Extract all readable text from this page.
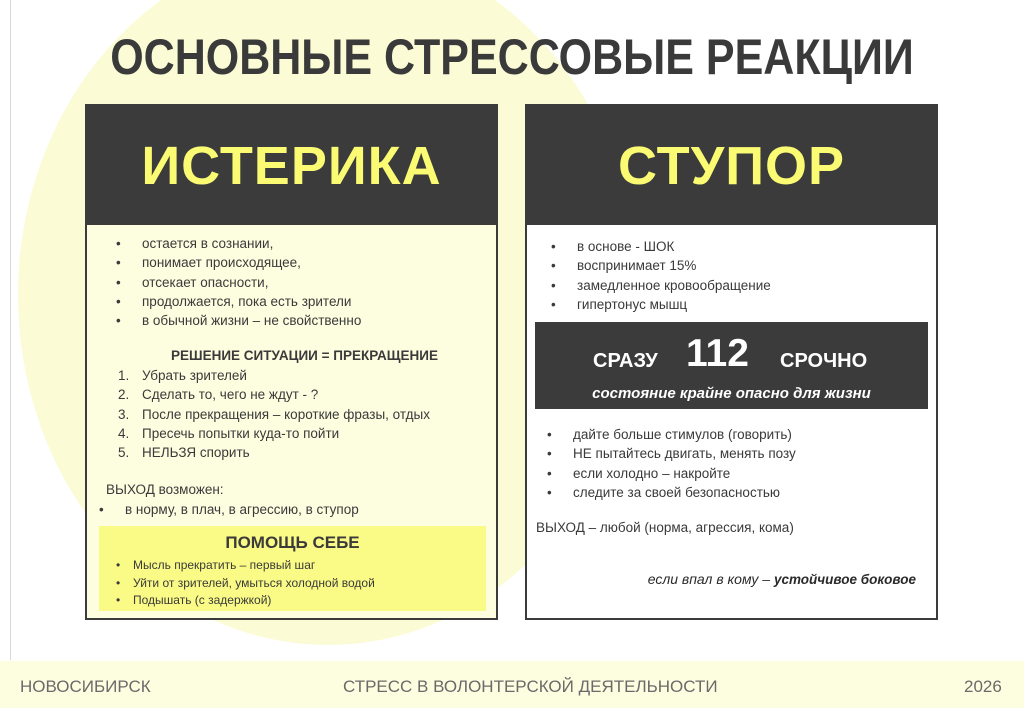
ОСНОВНЫЕ СТРЕССОВЫЕ РЕАКЦИИ
ИСТЕРИКА
• остается в сознании,
• понимает происходящее,
• отсекает опасности,
• продолжается, пока есть зрители
• в обычной жизни – не свойственно
РЕШЕНИЕ СИТУАЦИИ = ПРЕКРАЩЕНИЕ
1. Убрать зрителей
2. Сделать то, чего не ждут - ?
3. После прекращения – короткие фразы, отдых
4. Пресечь попытки куда-то пойти
5. НЕЛЬЗЯ спорить
ВЫХОД возможен:
• в норму, в плач, в агрессию, в ступор
ПОМОЩЬ СЕБЕ
• Мысль прекратить – первый шаг
• Уйти от зрителей, умыться холодной водой
• Подышать (с задержкой)
СТУПОР
• в основе - ШОК
• воспринимает 15%
• замедленное кровообращение
• гипертонус мышц
СРАЗУ 112 СРОЧНО
состояние крайне опасно для жизни
• дайте больше стимулов (говорить)
• НЕ пытайтесь двигать, менять позу
• если холодно – накройте
• следите за своей безопасностью
ВЫХОД – любой (норма, агрессия, кома)
если впал в кому – устойчивое боковое
НОВОСИБИРСК	СТРЕСС В ВОЛОНТЕРСКОЙ ДЕЯТЕЛЬНОСТИ	2026
